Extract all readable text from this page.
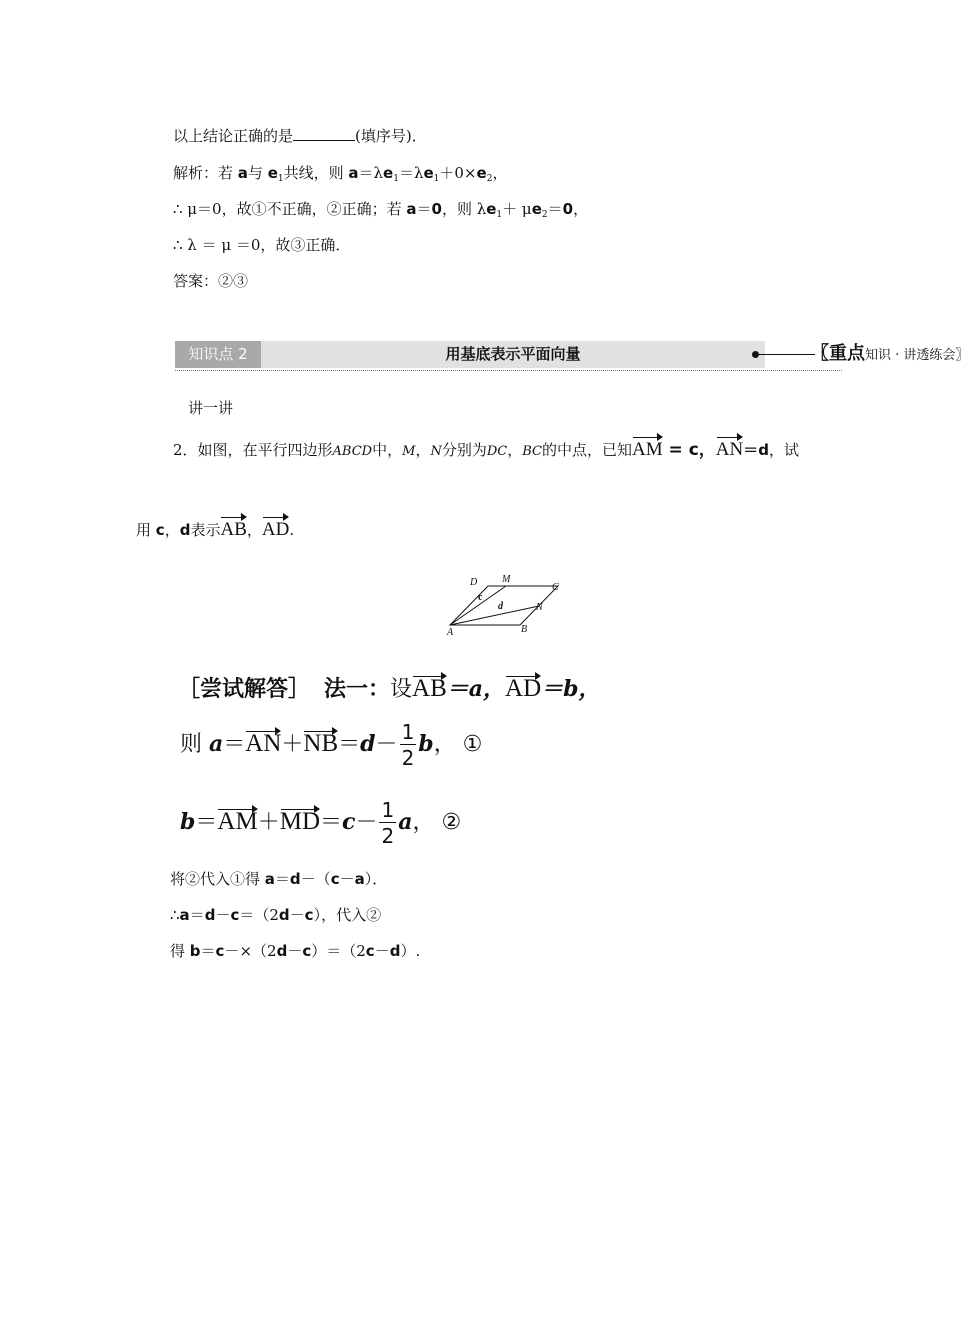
以上结论正确的是	(填序号)．
解析：若 a与 $e_1$共线，则 $a=\lambda e_1=\lambda e_1+0\times e_2$，
∴ μ＝0，故①不正确，②正确；若 a＝0，则 $\lambda e_1+ \mu e_2=0$，
∴ λ ＝ μ ＝0，故③正确．
答案：②③
知识点 2	用基底表示平面向量	〖重点知识 · 讲透练会〗
讲一讲
2．如图，在平行四边形ABCD中，M，N分别为DC，BC的中点，已知AM = c，AN＝d，试
用 c，d表示AB，AD.
D M
C
c
d	N
A	B
［尝试解答］ 法一：设AB＝a，AD＝b，
则 $a=AN+NB=d- \frac{1}{2}$ b， ①
$b=AM+MD=c- \frac{1}{2}$ a， ②
将②代入①得 a＝d－（c－a）．
∴a＝d－c＝（2d－c），代入②
得 b＝c－×（2d－c）＝（2c－d）.
